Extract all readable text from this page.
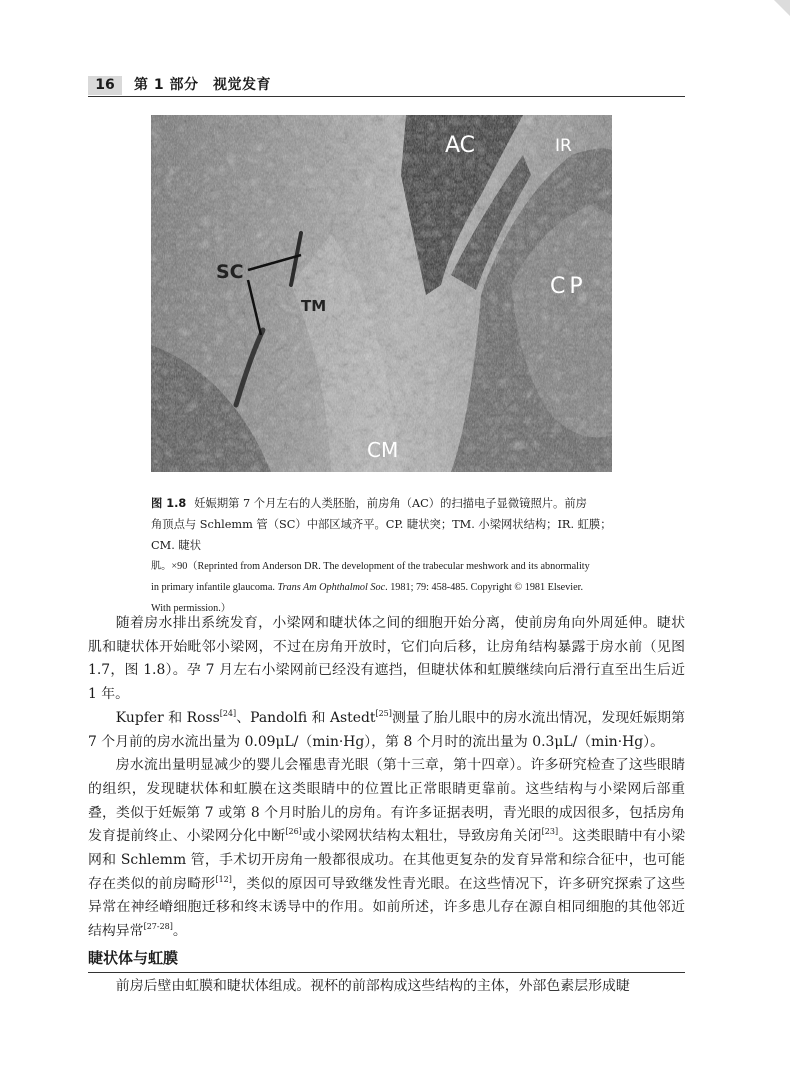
16	第 1 部分　视觉发育
AC	IR
CP
SC
TM
CM
图 1.8 妊娠期第 7 个月左右的人类胚胎，前房角（AC）的扫描电子显微镜照片。前房
角顶点与 Schlemm 管（SC）中部区域齐平。CP. 睫状突；TM. 小梁网状结构；IR. 虹膜；CM. 睫状
肌。×90（Reprinted from Anderson DR. The development of the trabecular meshwork and its abnormality
in primary infantile glaucoma. Trans Am Ophthalmol Soc. 1981; 79: 458-485. Copyright © 1981 Elsevier.
With permission.）

随着房水排出系统发育，小梁网和睫状体之间的细胞开始分离，使前房角向外周延伸。睫状肌和睫状体开始毗邻小梁网，不过在房角开放时，它们向后移，让房角结构暴露于房水前（见图 1.7，图 1.8）。孕 7 月左右小梁网前已经没有遮挡，但睫状体和虹膜继续向后滑行直至出生后近 1 年。

Kupfer 和 Ross[24]、Pandolfi 和 Astedt[25]测量了胎儿眼中的房水流出情况，发现妊娠期第 7 个月前的房水流出量为 0.09μL/（min·Hg），第 8 个月时的流出量为 0.3μL/（min·Hg）。

房水流出量明显减少的婴儿会罹患青光眼（第十三章，第十四章）。许多研究检查了这些眼睛的组织，发现睫状体和虹膜在这类眼睛中的位置比正常眼睛更靠前。这些结构与小梁网后部重叠，类似于妊娠第 7 或第 8 个月时胎儿的房角。有许多证据表明，青光眼的成因很多，包括房角发育提前终止、小梁网分化中断[26]或小梁网状结构太粗壮，导致房角关闭[23]。这类眼睛中有小梁网和 Schlemm 管，手术切开房角一般都很成功。在其他更复杂的发育异常和综合征中，也可能存在类似的前房畸形[12]，类似的原因可导致继发性青光眼。在这些情况下，许多研究探索了这些异常在神经嵴细胞迁移和终末诱导中的作用。如前所述，许多患儿存在源自相同细胞的其他邻近结构异常[27-28]。

睫状体与虹膜
前房后壁由虹膜和睫状体组成。视杯的前部构成这些结构的主体，外部色素层形成睫
